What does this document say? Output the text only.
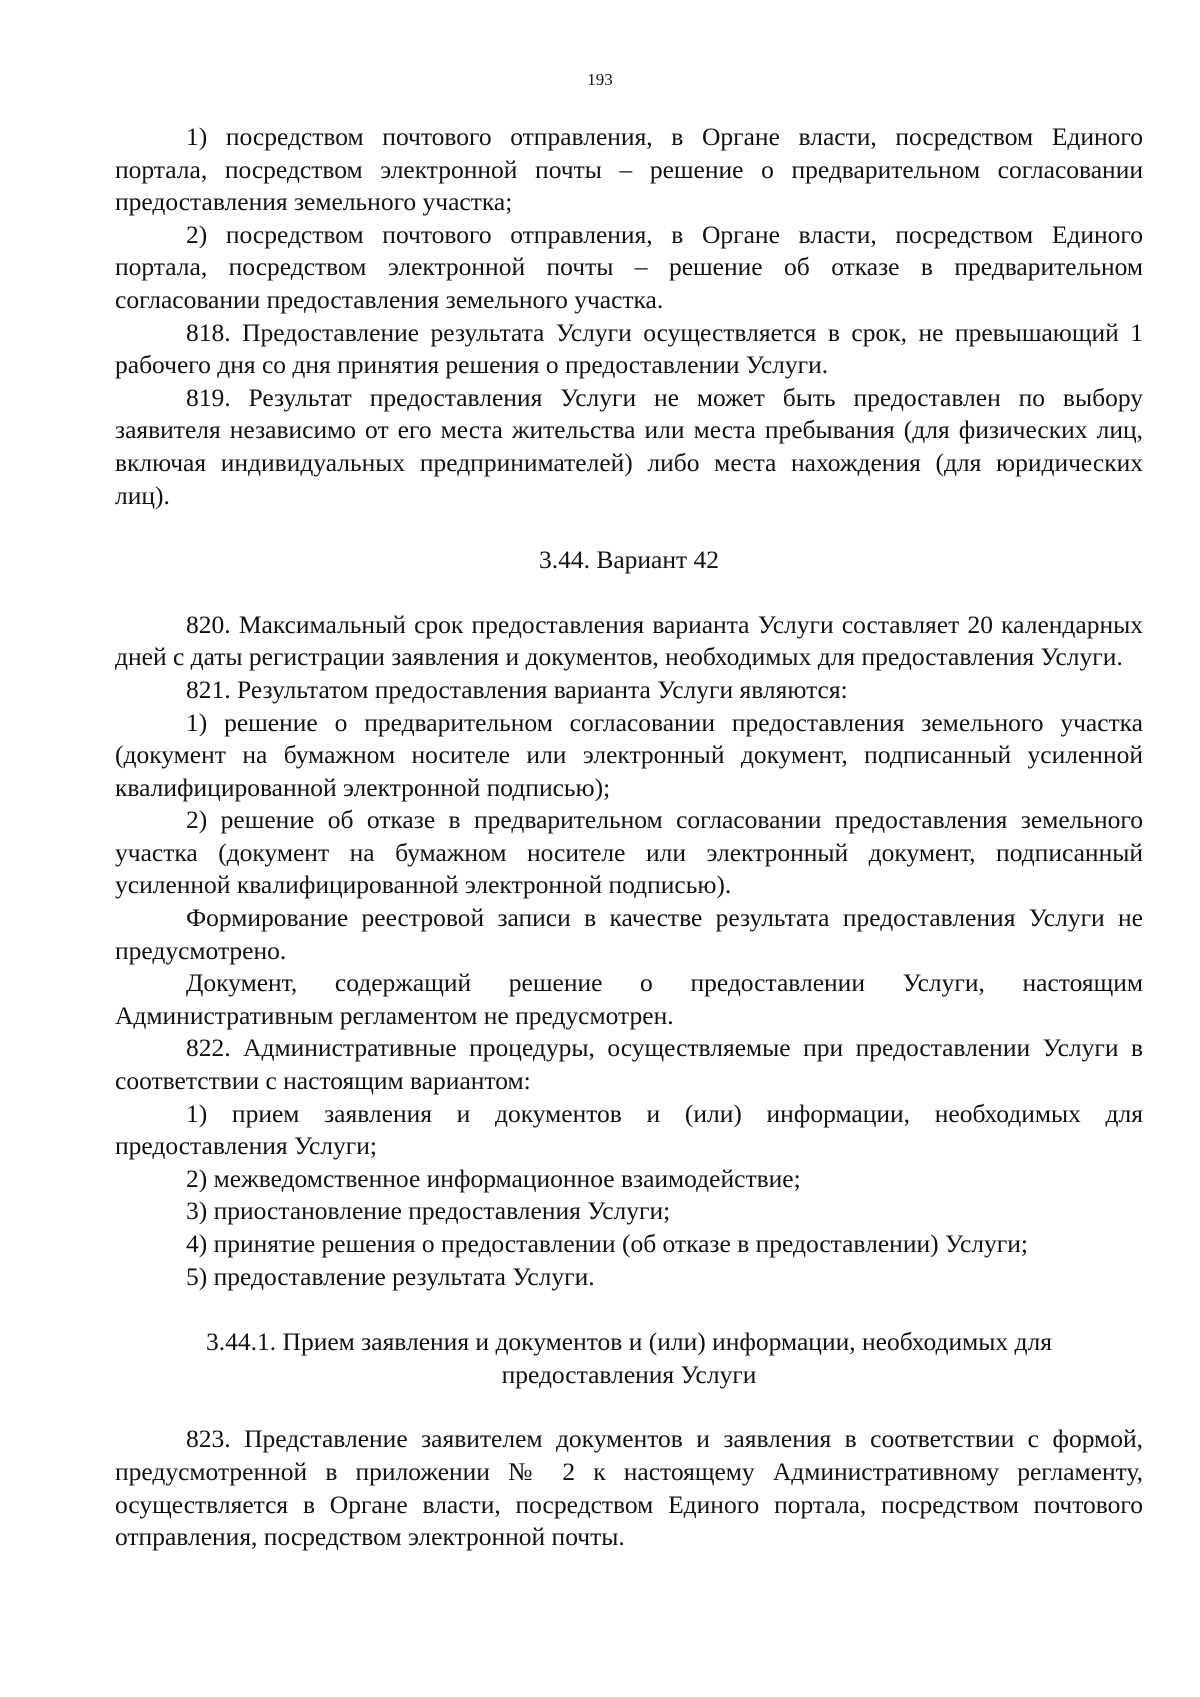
193

1) посредством почтового отправления, в Органе власти, посредством Единого портала, посредством электронной почты – решение о предварительном согласовании предоставления земельного участка;

2) посредством почтового отправления, в Органе власти, посредством Единого портала, посредством электронной почты – решение об отказе в предварительном согласовании предоставления земельного участка.

818. Предоставление результата Услуги осуществляется в срок, не превышающий 1 рабочего дня со дня принятия решения о предоставлении Услуги.

819. Результат предоставления Услуги не может быть предоставлен по выбору заявителя независимо от его места жительства или места пребывания (для физических лиц, включая индивидуальных предпринимателей) либо места нахождения (для юридических лиц).

3.44. Вариант 42

820. Максимальный срок предоставления варианта Услуги составляет 20 календарных дней с даты регистрации заявления и документов, необходимых для предоставления Услуги.

821. Результатом предоставления варианта Услуги являются:

1) решение о предварительном согласовании предоставления земельного участка (документ на бумажном носителе или электронный документ, подписанный усиленной квалифицированной электронной подписью);

2) решение об отказе в предварительном согласовании предоставления земельного участка (документ на бумажном носителе или электронный документ, подписанный усиленной квалифицированной электронной подписью).

Формирование реестровой записи в качестве результата предоставления Услуги не предусмотрено.

Документ, содержащий решение о предоставлении Услуги, настоящим Административным регламентом не предусмотрен.

822. Административные процедуры, осуществляемые при предоставлении Услуги в соответствии с настоящим вариантом:

1) прием заявления и документов и (или) информации, необходимых для предоставления Услуги;

2) межведомственное информационное взаимодействие;

3) приостановление предоставления Услуги;

4) принятие решения о предоставлении (об отказе в предоставлении) Услуги;

5) предоставление результата Услуги.

3.44.1. Прием заявления и документов и (или) информации, необходимых для предоставления Услуги

823. Представление заявителем документов и заявления в соответствии с формой, предусмотренной в приложении № 2 к настоящему Административному регламенту, осуществляется в Органе власти, посредством Единого портала, посредством почтового отправления, посредством электронной почты.
